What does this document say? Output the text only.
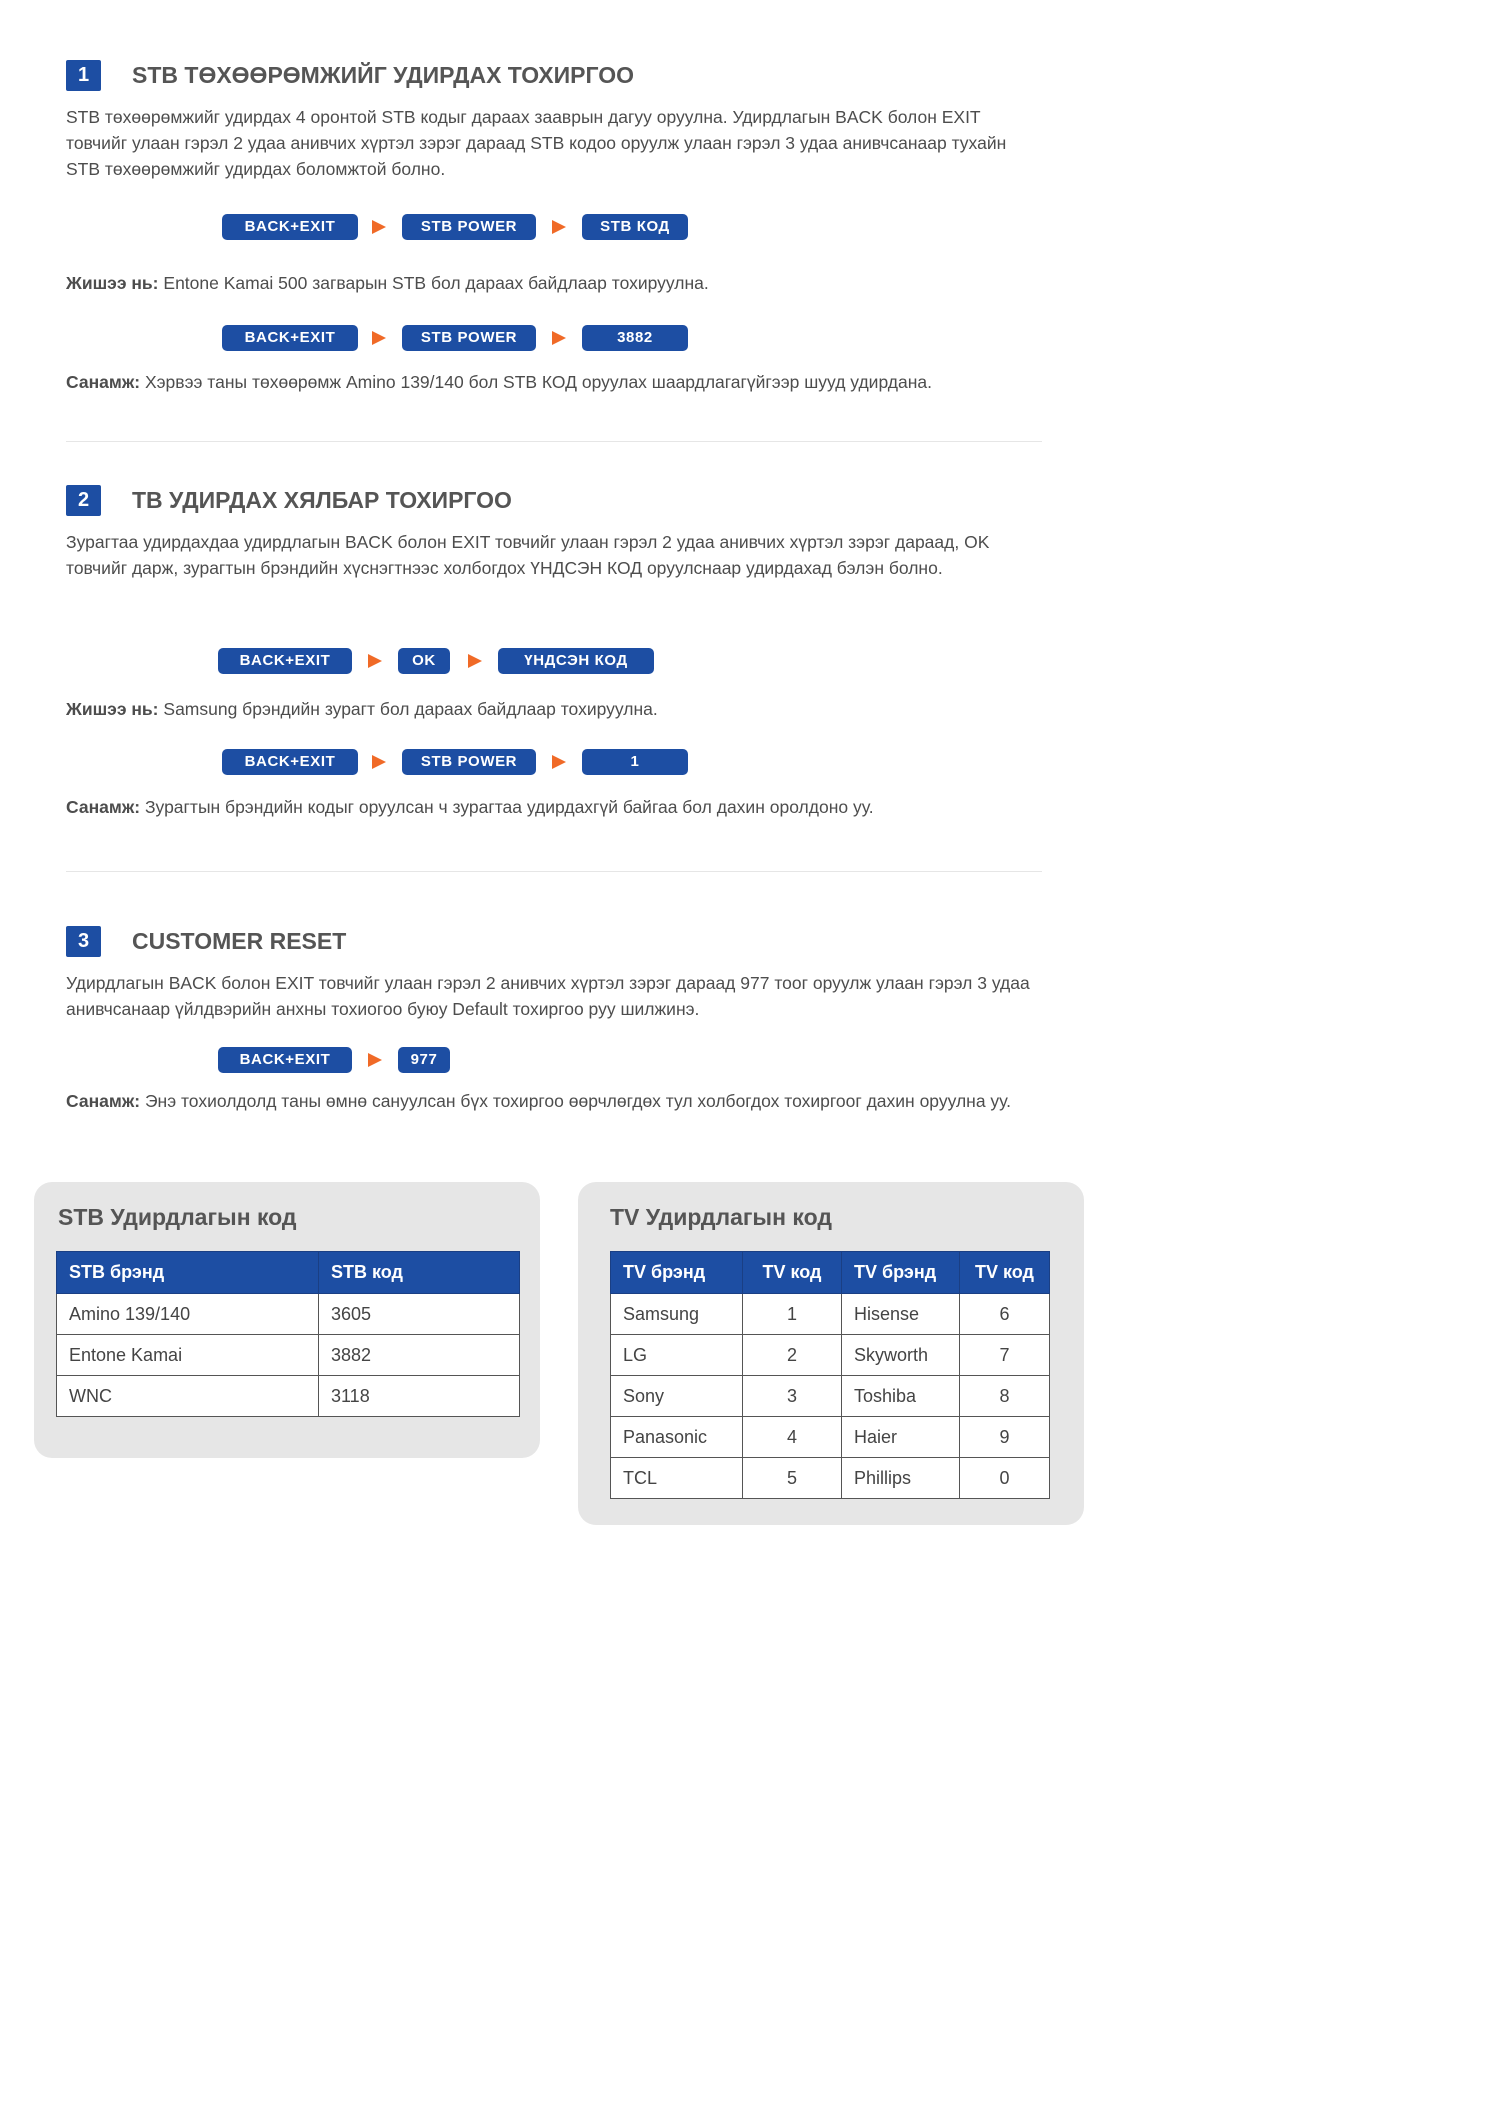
1	STB ТӨХӨӨРӨМЖИЙГ УДИРДАХ ТОХИРГОО

STB төхөөрөмжийг удирдах 4 оронтой STB кодыг дараах зааврын дагуу оруулна. Удирдлагын BACK болон EXIT товчийг улаан гэрэл 2 удаа анивчих хүртэл зэрэг дараад STB кодоо оруулж улаан гэрэл 3 удаа анивчсанаар тухайн STB төхөөрөмжийг удирдах боломжтой болно.

BACK+EXIT	STB POWER	STB КОД

Жишээ нь: Entone Kamai 500 загварын STB бол дараах байдлаар тохируулна.

BACK+EXIT	STB POWER	3882

Санамж: Хэрвээ таны төхөөрөмж Amino 139/140 бол STB КОД оруулах шаардлагагүйгээр шууд удирдана.

2	ТВ УДИРДАХ ХЯЛБАР ТОХИРГОО

Зурагтаа удирдахдаа удирдлагын BACK болон EXIT товчийг улаан гэрэл 2 удаа анивчих хүртэл зэрэг дараад, OK товчийг дарж, зурагтын брэндийн хүснэгтнээс холбогдох ҮНДСЭН КОД оруулснаар удирдахад бэлэн болно.

BACK+EXIT	OK	ҮНДСЭН КОД

Жишээ нь: Samsung брэндийн зурагт бол дараах байдлаар тохируулна.

BACK+EXIT	STB POWER	1

Санамж: Зурагтын брэндийн кодыг оруулсан ч зурагтаа удирдахгүй байгаа бол дахин оролдоно уу.

3	CUSTOMER RESET

Удирдлагын BACK болон EXIT товчийг улаан гэрэл 2 анивчих хүртэл зэрэг дараад 977 тоог оруулж улаан гэрэл 3 удаа анивчсанаар үйлдвэрийн анхны тохиогоо буюу Default тохиргоо руу шилжинэ.

BACK+EXIT	977

Санамж: Энэ тохиолдолд таны өмнө сануулсан бүх тохиргоо өөрчлөгдөх тул холбогдох тохиргоог дахин оруулна уу.

STB Удирдлагын код
STB брэнд	STB код
Amino 139/140	3605
Entone Kamai	3882
WNC	3118
TV Удирдлагын код
TV брэнд	TV код	TV брэнд	TV код
Samsung	1	Hisense	6
LG	2	Skyworth	7
Sony	3	Toshiba	8
Panasonic	4	Haier	9
TCL	5	Phillips	0
